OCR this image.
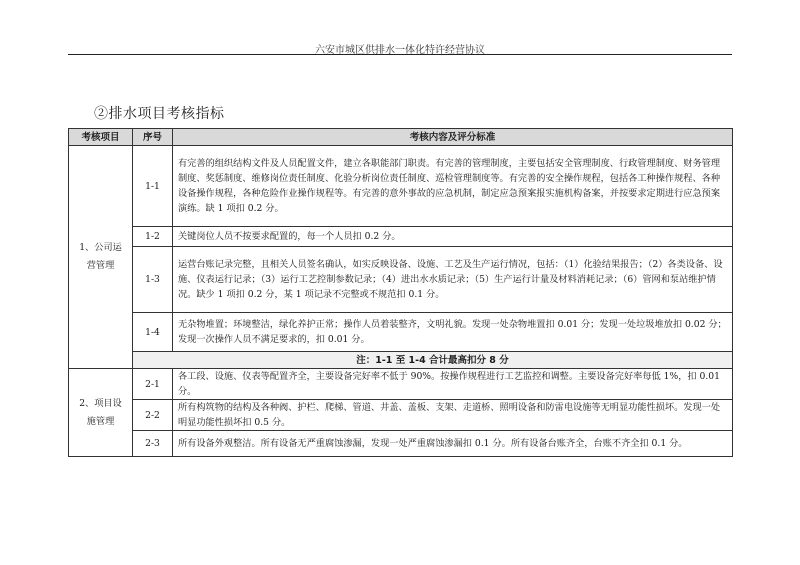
六安市城区供排水一体化特许经营协议
②排水项目考核指标
考核项目	序号	考核内容及评分标准
1、公司运营管理	1-1	有完善的组织结构文件及人员配置文件，建立各职能部门职责。有完善的管理制度，主要包括安全管理制度、行政管理制度、财务管理制度、奖惩制度、维修岗位责任制度、化验分析岗位责任制度、巡检管理制度等。有完善的安全操作规程，包括各工种操作规程、各种设备操作规程，各种危险作业操作规程等。有完善的意外事故的应急机制，制定应急预案报实施机构备案，并按要求定期进行应急预案演练。缺 1 项扣 0.2 分。
	1-2	关键岗位人员不按要求配置的，每一个人员扣 0.2 分。
	1-3	运营台账记录完整，且相关人员签名确认，如实反映设备、设施、工艺及生产运行情况，包括：（1）化验结果报告；（2）各类设备、设施、仪表运行记录；（3）运行工艺控制参数记录；（4）进出水水质记录；（5）生产运行计量及材料消耗记录；（6）管网和泵站维护情况。缺少 1 项扣 0.2 分，某 1 项记录不完整或不规范扣 0.1 分。
	1-4	无杂物堆置；环境整洁，绿化养护正常；操作人员着装整齐，文明礼貌。发现一处杂物堆置扣 0.01 分；发现一处垃圾堆放扣 0.02 分；发现一次操作人员不满足要求的，扣 0.01 分。
	注：1-1 至 1-4 合计最高扣分 8 分	
2、项目设施管理	2-1	各工段、设施、仪表等配置齐全，主要设备完好率不低于 90%。按操作规程进行工艺监控和调整。主要设备完好率每低 1%，扣 0.01 分。
	2-2	所有构筑物的结构及各种阀、护栏、爬梯、管道、井盖、盖板、支架、走道桥、照明设备和防雷电设施等无明显功能性损坏。发现一处明显功能性损坏扣 0.5 分。
	2-3	所有设备外观整洁。所有设备无严重腐蚀渗漏，发现一处严重腐蚀渗漏扣 0.1 分。所有设备台账齐全，台账不齐全扣 0.1 分。
